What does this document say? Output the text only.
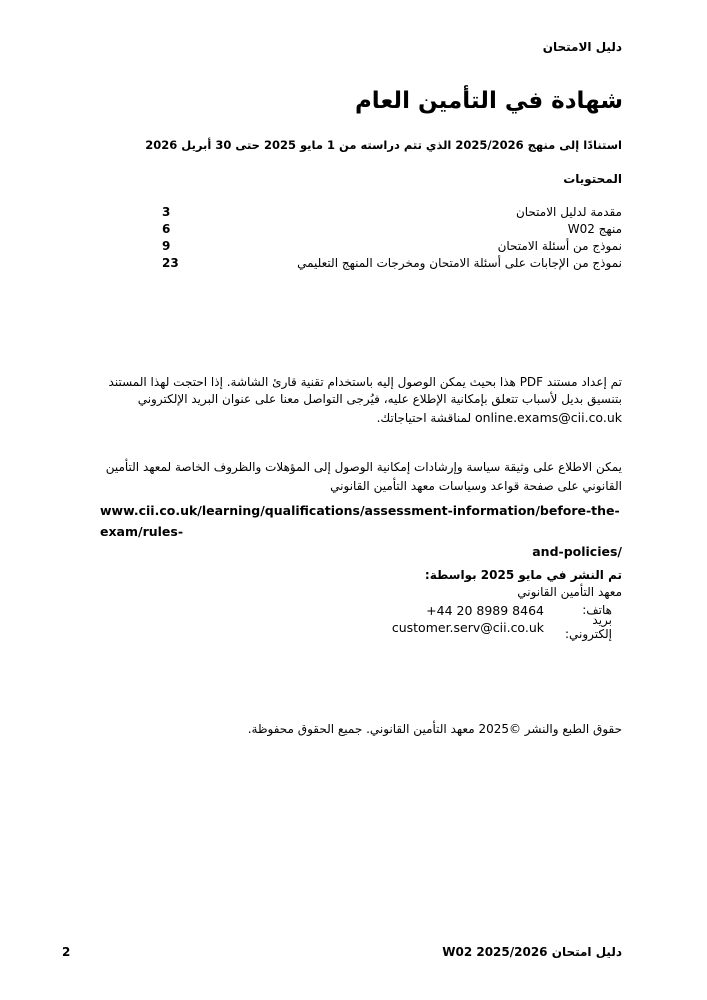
دليل الامتحان
شهادة في التأمين العام
استنادًا إلى منهج 2025/2026 الذي تتم دراسته من 1 مايو 2025 حتى 30 أبريل 2026
المحتويات
3	مقدمة لدليل الامتحان
6	منهج W02
9	نموذج من أسئلة الامتحان
23	نموذج من الإجابات على أسئلة الامتحان ومخرجات المنهج التعليمي
تم إعداد مستند PDF هذا بحيث يمكن الوصول إليه باستخدام تقنية قارئ الشاشة. إذا احتجت لهذا المستند بتنسيق بديل لأسباب تتعلق بإمكانية الإطلاع عليه، فيُرجى التواصل معنا على عنوان البريد الإلكتروني online.exams@cii.co.uk لمناقشة احتياجاتك.
يمكن الاطلاع على وثيقة سياسة وإرشادات إمكانية الوصول إلى المؤهلات والظروف الخاصة لمعهد التأمين القانوني على صفحة قواعد وسياسات معهد التأمين القانوني
www.cii.co.uk/learning/qualifications/assessment-information/before-the-exam/rules-
and-policies/
تم النشر في مايو 2025 بواسطة:
معهد التأمين القانوني
هاتف:
+44 20 8989 8464
بريد إلكتروني:
customer.serv@cii.co.uk
حقوق الطبع والنشر ©2025 معهد التأمين القانوني. جميع الحقوق محفوظة.
2	دليل امتحان W02 2025/2026
